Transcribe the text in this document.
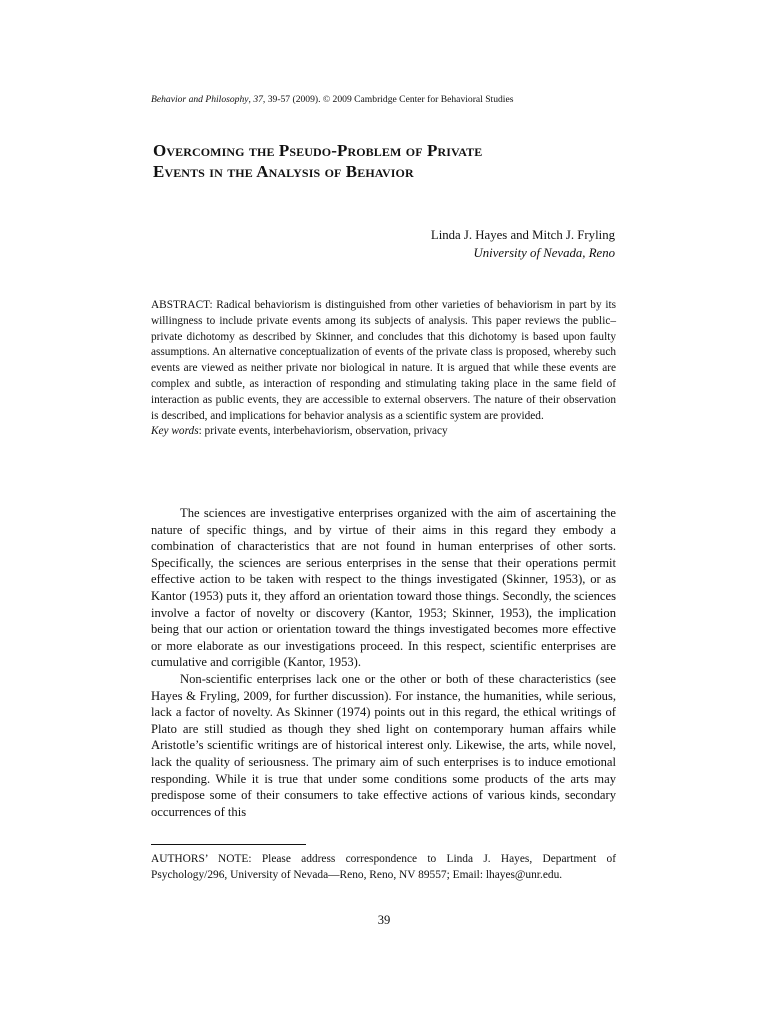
Behavior and Philosophy, 37, 39-57 (2009). © 2009 Cambridge Center for Behavioral Studies
Overcoming the Pseudo-Problem of Private
Events in the Analysis of Behavior
Linda J. Hayes and Mitch J. Fryling
University of Nevada, Reno
ABSTRACT: Radical behaviorism is distinguished from other varieties of behaviorism in part by its willingness to include private events among its subjects of analysis. This paper reviews the public–private dichotomy as described by Skinner, and concludes that this dichotomy is based upon faulty assumptions. An alternative conceptualization of events of the private class is proposed, whereby such events are viewed as neither private nor biological in nature. It is argued that while these events are complex and subtle, as interaction of responding and stimulating taking place in the same field of interaction as public events, they are accessible to external observers. The nature of their observation is described, and implications for behavior analysis as a scientific system are provided.
Key words: private events, interbehaviorism, observation, privacy

The sciences are investigative enterprises organized with the aim of ascertaining the nature of specific things, and by virtue of their aims in this regard they embody a combination of characteristics that are not found in human enterprises of other sorts. Specifically, the sciences are serious enterprises in the sense that their operations permit effective action to be taken with respect to the things investigated (Skinner, 1953), or as Kantor (1953) puts it, they afford an orientation toward those things. Secondly, the sciences involve a factor of novelty or discovery (Kantor, 1953; Skinner, 1953), the implication being that our action or orientation toward the things investigated becomes more effective or more elaborate as our investigations proceed. In this respect, scientific enterprises are cumulative and corrigible (Kantor, 1953).

Non-scientific enterprises lack one or the other or both of these characteristics (see Hayes & Fryling, 2009, for further discussion). For instance, the humanities, while serious, lack a factor of novelty. As Skinner (1974) points out in this regard, the ethical writings of Plato are still studied as though they shed light on contemporary human affairs while Aristotle’s scientific writings are of historical interest only. Likewise, the arts, while novel, lack the quality of seriousness. The primary aim of such enterprises is to induce emotional responding. While it is true that under some conditions some products of the arts may predispose some of their consumers to take effective actions of various kinds, secondary occurrences of this

AUTHORS’ NOTE: Please address correspondence to Linda J. Hayes, Department of Psychology/296, University of Nevada—Reno, Reno, NV 89557; Email: lhayes@unr.edu.
39
